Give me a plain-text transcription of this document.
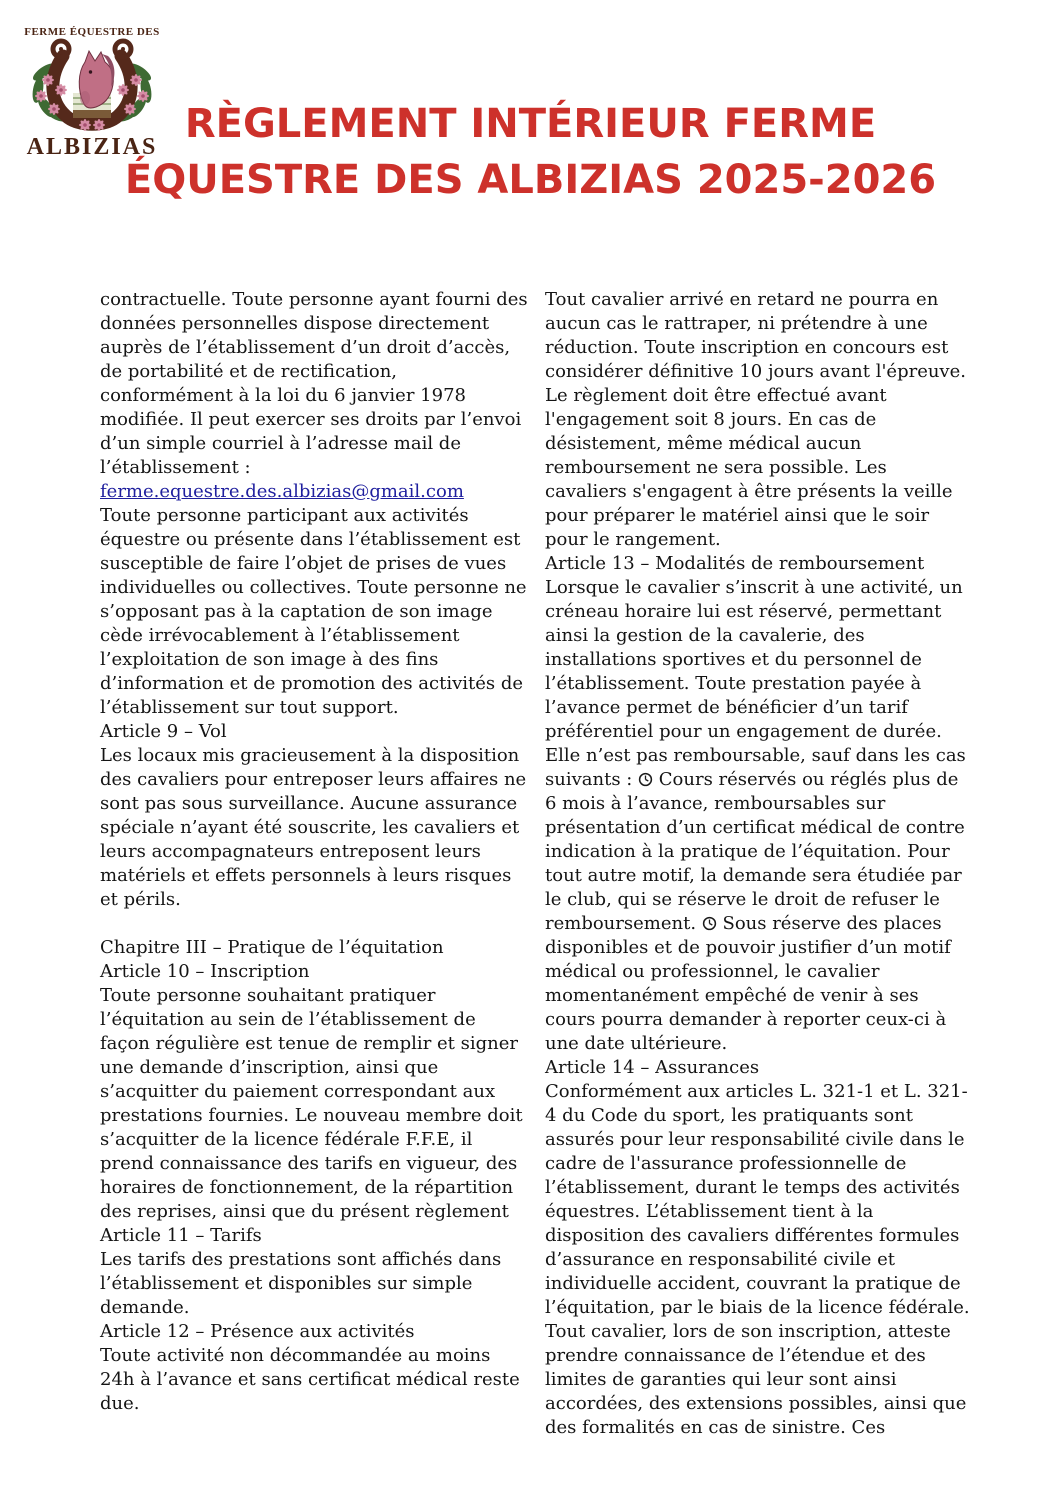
FERME ÉQUESTRE DES
ALBIZIAS RÈGLEMENT INTÉRIEUR FERME
ÉQUESTRE DES ALBIZIAS 2025-2026

contractuelle. Toute personne ayant fourni des données personnelles dispose directement auprès de l’établissement d’un droit d’accès, de portabilité et de rectification, conformément à la loi du 6 janvier 1978 modifiée. Il peut exercer ses droits par l’envoi d’un simple courriel à l’adresse mail de l’établissement :

ferme.equestre.des.albizias@gmail.com

Toute personne participant aux activités équestre ou présente dans l’établissement est susceptible de faire l’objet de prises de vues individuelles ou collectives. Toute personne ne s’opposant pas à la captation de son image cède irrévocablement à l’établissement l’exploitation de son image à des fins d’information et de promotion des activités de l’établissement sur tout support.

Article 9 – Vol

Les locaux mis gracieusement à la disposition des cavaliers pour entreposer leurs affaires ne sont pas sous surveillance. Aucune assurance spéciale n’ayant été souscrite, les cavaliers et leurs accompagnateurs entreposent leurs matériels et effets personnels à leurs risques et périls.

Chapitre III – Pratique de l’équitation

Article 10 – Inscription

Toute personne souhaitant pratiquer l’équitation au sein de l’établissement de façon régulière est tenue de remplir et signer une demande d’inscription, ainsi que s’acquitter du paiement correspondant aux prestations fournies. Le nouveau membre doit s’acquitter de la licence fédérale F.F.E, il prend connaissance des tarifs en vigueur, des horaires de fonctionnement, de la répartition des reprises, ainsi que du présent règlement

Article 11 – Tarifs

Les tarifs des prestations sont affichés dans l’établissement et disponibles sur simple demande.

Article 12 – Présence aux activités

Toute activité non décommandée au moins 24h à l’avance et sans certificat médical reste due.

Tout cavalier arrivé en retard ne pourra en aucun cas le rattraper, ni prétendre à une réduction. Toute inscription en concours est considérer définitive 10 jours avant l'épreuve. Le règlement doit être effectué avant l'engagement soit 8 jours. En cas de désistement, même médical aucun remboursement ne sera possible. Les cavaliers s'engagent à être présents la veille pour préparer le matériel ainsi que le soir pour le rangement.

Article 13 – Modalités de remboursement

Lorsque le cavalier s’inscrit à une activité, un créneau horaire lui est réservé, permettant ainsi la gestion de la cavalerie, des installations sportives et du personnel de l’établissement. Toute prestation payée à l’avance permet de bénéficier d’un tarif préférentiel pour un engagement de durée. Elle n’est pas remboursable, sauf dans les cas suivants :
Cours réservés ou réglés plus de 6 mois à l’avance, remboursables sur présentation d’un certificat médical de contre indication à la pratique de l’équitation. Pour tout autre motif, la demande sera étudiée par le club, qui se réserve le droit de refuser le remboursement.
Sous réserve des places disponibles et de pouvoir justifier d’un motif médical ou professionnel, le cavalier momentanément empêché de venir à ses cours pourra demander à reporter ceux-ci à une date ultérieure.

Article 14 – Assurances

Conformément aux articles L. 321-1 et L. 321-4 du Code du sport, les pratiquants sont assurés pour leur responsabilité civile dans le cadre de l'assurance professionnelle de l’établissement, durant le temps des activités équestres. L’établissement tient à la disposition des cavaliers différentes formules d’assurance en responsabilité civile et individuelle accident, couvrant la pratique de l’équitation, par le biais de la licence fédérale. Tout cavalier, lors de son inscription, atteste prendre connaissance de l’étendue et des limites de garanties qui leur sont ainsi accordées, des extensions possibles, ainsi que des formalités en cas de sinistre. Ces
